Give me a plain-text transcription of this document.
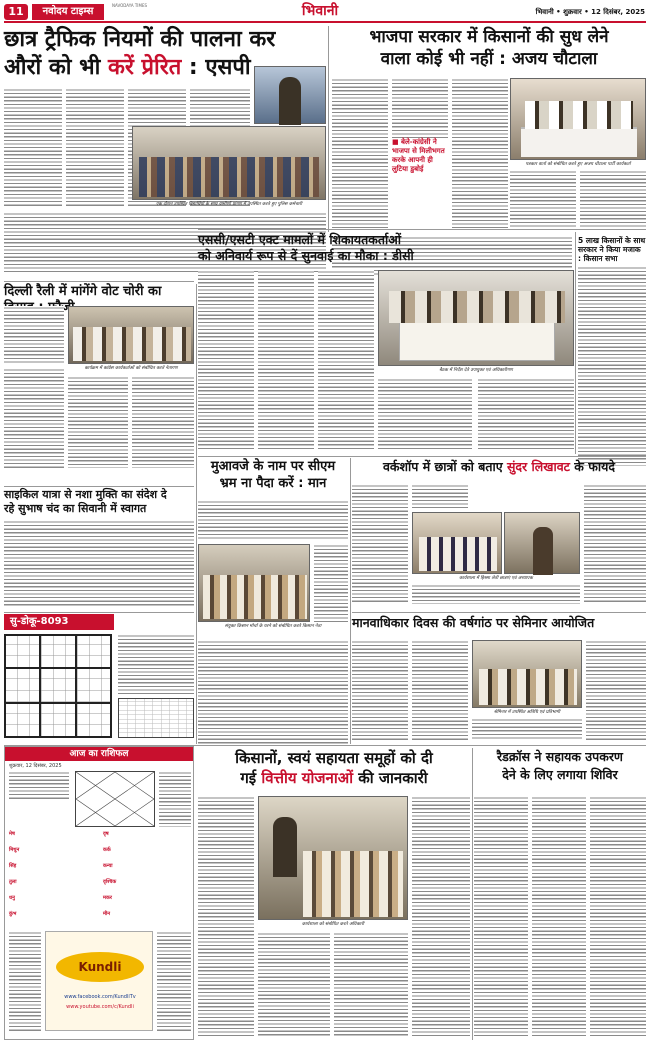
11	नवोदय टाइम्स
NAVODAYA TIMES	भिवानी	भिवानी • शुक्रवार • 12 दिसंबर, 2025
छात्र ट्रैफिक नियमों की पालना कर
औरों को भी करें प्रेरित : एसपी
एक दौरान उपस्थित विद्यार्थियों के साथ ग्रामीणों प्रांगण में उपस्थित करते हुए पुलिस कर्मचारी
भाजपा सरकार में किसानों की सुध लेने
वाला कोई भी नहीं : अजय चौटाला
■ बेले-कांग्रेसी ने भाजपा से मिलीभगत करके आपनी ही लुटिया डुबोई
पत्रकार वार्ता को संबोधित करते हुए अजय चौटाला पार्टी कार्यकर्ता
5 लाख किसानों के साथ सरकार ने किया मजाक : किसान सभा
दिल्ली रैली में मांगेंगे वोट चोरी का
कार्यक्रम में कांग्रेस कार्यकर्ताओं को संबोधित करते नेतागण
एससी/एसटी एक्ट मामलों में शिकायतकर्ताओं
को अनिवार्य रूप से दें सुनवाई का मौका : डीसी
बैठक में निर्देश देते उपायुक्त एवं अधिकारीगण
साइकिल यात्रा से नशा मुक्ति का संदेश दे
रहे सुभाष चंद का सिवानी में स्वागत
मुआवजे के नाम पर सीएम
भ्रम ना पैदा करें : मान
संयुक्त किसान मोर्चा के धरने को संबोधित करते किसान नेता
वर्कशॉप में छात्रों को बताए सुंदर लिखावट के फायदे
कार्यशाला में हिस्सा लेती छात्राएं एवं अध्यापक
सु-डोकू-8093	मानवाधिकार दिवस की वर्षगांठ पर सेमिनार आयोजित
सेमिनार में उपस्थित अतिथि एवं प्रतिभागी
आज का राशिफल
शुक्रवार, 12 दिसंबर, 2025
मेष	वृष
मिथुन	कर्क
सिंह	कन्या
तुला	वृश्चिक
धनु	मकर
कुंभ	मीन
Kundli
www.facebook.com/KundliTv
www.youtube.com/c/Kundli
किसानों, स्वयं सहायता समूहों को दी
गई वित्तीय योजनाओं की जानकारी
कार्यशाला को संबोधित करते अधिकारी
रैडक्रॉस ने सहायक उपकरण
देने के लिए लगाया शिविर
